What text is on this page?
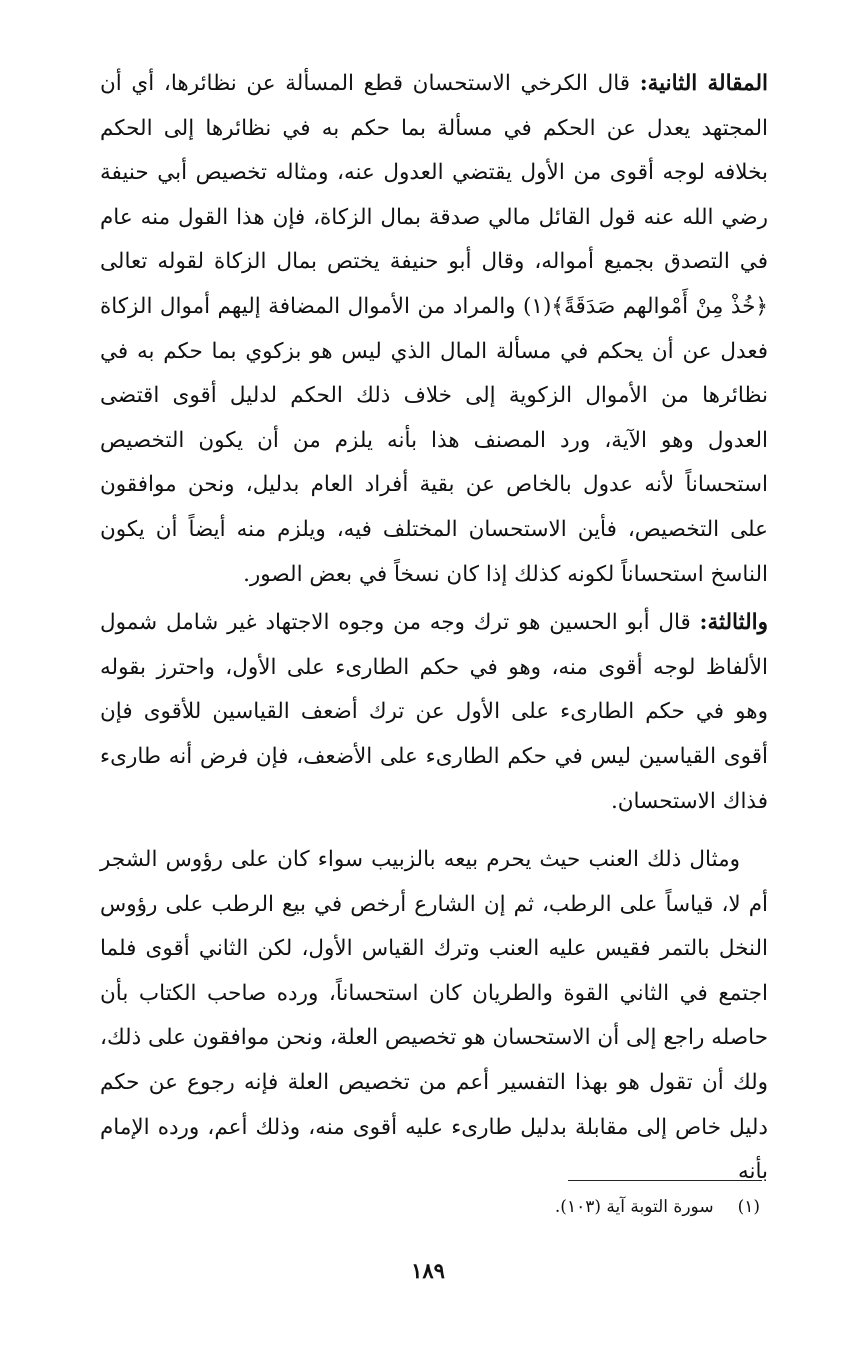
المقالة الثانية: قال الكرخي الاستحسان قطع المسألة عن نظائرها، أي أن المجتهد يعدل عن الحكم في مسألة بما حكم به في نظائرها إلى الحكم بخلافه لوجه أقوى من الأول يقتضي العدول عنه، ومثاله تخصيص أبي حنيفة رضي الله عنه قول القائل مالي صدقة بمال الزكاة، فإن هذا القول منه عام في التصدق بجميع أمواله، وقال أبو حنيفة يختص بمال الزكاة لقوله تعالى ﴿خُذْ مِنْ أَمْوالهم صَدَقَةً﴾(١) والمراد من الأموال المضافة إليهم أموال الزكاة فعدل عن أن يحكم في مسألة المال الذي ليس هو بزكوي بما حكم به في نظائرها من الأموال الزكوية إلى خلاف ذلك الحكم لدليل أقوى اقتضى العدول وهو الآية، ورد المصنف هذا بأنه يلزم من أن يكون التخصيص استحساناً لأنه عدول بالخاص عن بقية أفراد العام بدليل، ونحن موافقون على التخصيص، فأين الاستحسان المختلف فيه، ويلزم منه أيضاً أن يكون الناسخ استحساناً لكونه كذلك إذا كان نسخاً في بعض الصور.

والثالثة: قال أبو الحسين هو ترك وجه من وجوه الاجتهاد غير شامل شمول الألفاظ لوجه أقوى منه، وهو في حكم الطارىء على الأول، واحترز بقوله وهو في حكم الطارىء على الأول عن ترك أضعف القياسين للأقوى فإن أقوى القياسين ليس في حكم الطارىء على الأضعف، فإن فرض أنه طارىء فذاك الاستحسان.

ومثال ذلك العنب حيث يحرم بيعه بالزبيب سواء كان على رؤوس الشجر أم لا، قياساً على الرطب، ثم إن الشارع أرخص في بيع الرطب على رؤوس النخل بالتمر فقيس عليه العنب وترك القياس الأول، لكن الثاني أقوى فلما اجتمع في الثاني القوة والطريان كان استحساناً، ورده صاحب الكتاب بأن حاصله راجع إلى أن الاستحسان هو تخصيص العلة، ونحن موافقون على ذلك، ولك أن تقول هو بهذا التفسير أعم من تخصيص العلة فإنه رجوع عن حكم دليل خاص إلى مقابلة بدليل طارىء عليه أقوى منه، وذلك أعم، ورده الإمام بأنه

(١)سورة التوبة آية (١٠٣).
١٨٩
